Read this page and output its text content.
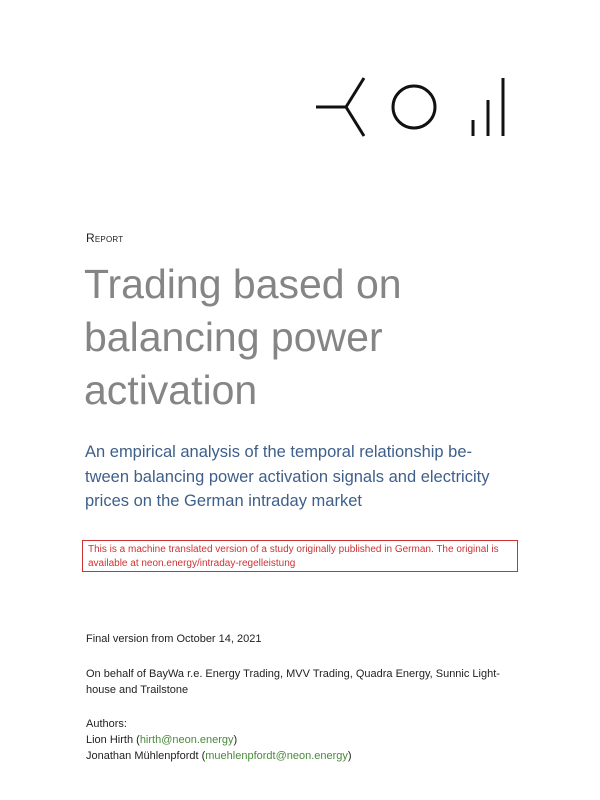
Report
Trading based on
balancing power
activation
An empirical analysis of the temporal relationship be-
tween balancing power activation signals and electricity
prices on the German intraday market
This is a machine translated version of a study originally published in German. The original is
available at neon.energy/intraday-regelleistung
Final version from October 14, 2021
On behalf of BayWa r.e. Energy Trading, MVV Trading, Quadra Energy, Sunnic Light-
house and Trailstone
Authors:
Lion Hirth (hirth@neon.energy)
Jonathan Mühlenpfordt (muehlenpfordt@neon.energy)
